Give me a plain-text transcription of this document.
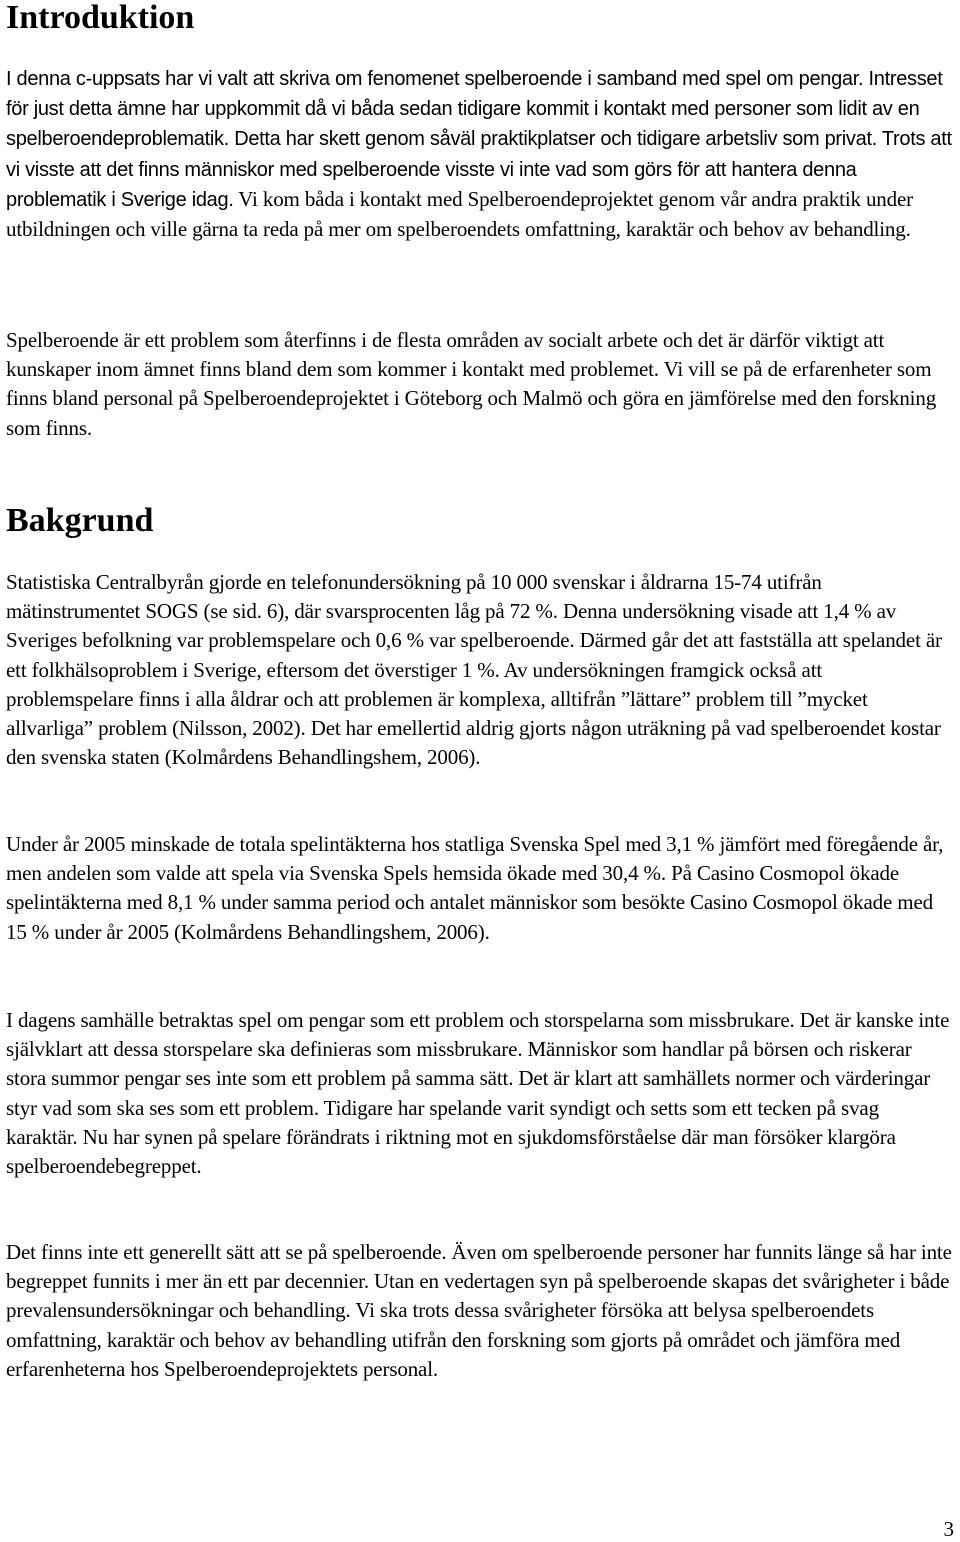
Introduktion

I denna c-uppsats har vi valt att skriva om fenomenet spelberoende i samband med spel om pengar. Intresset för just detta ämne har uppkommit då vi båda sedan tidigare kommit i kontakt med personer som lidit av en spelberoendeproblematik. Detta har skett genom såväl praktikplatser och tidigare arbetsliv som privat. Trots att vi visste att det finns människor med spelberoende visste vi inte vad som görs för att hantera denna problematik i Sverige idag. Vi kom båda i kontakt med Spelberoendeprojektet genom vår andra praktik under utbildningen och ville gärna ta reda på mer om spelberoendets omfattning, karaktär och behov av behandling.

Spelberoende är ett problem som återfinns i de flesta områden av socialt arbete och det är därför viktigt att kunskaper inom ämnet finns bland dem som kommer i kontakt med problemet. Vi vill se på de erfarenheter som finns bland personal på Spelberoendeprojektet i Göteborg och Malmö och göra en jämförelse med den forskning som finns.

Bakgrund

Statistiska Centralbyrån gjorde en telefonundersökning på 10 000 svenskar i åldrarna 15-74 utifrån mätinstrumentet SOGS (se sid. 6), där svarsprocenten låg på 72 %. Denna undersökning visade att 1,4 % av Sveriges befolkning var problemspelare och 0,6 % var spelberoende. Därmed går det att fastställa att spelandet är ett folkhälsoproblem i Sverige, eftersom det överstiger 1 %. Av undersökningen framgick också att problemspelare finns i alla åldrar och att problemen är komplexa, alltifrån ”lättare” problem till ”mycket allvarliga” problem (Nilsson, 2002). Det har emellertid aldrig gjorts någon uträkning på vad spelberoendet kostar den svenska staten (Kolmårdens Behandlingshem, 2006).

Under år 2005 minskade de totala spelintäkterna hos statliga Svenska Spel med 3,1 % jämfört med föregående år, men andelen som valde att spela via Svenska Spels hemsida ökade med 30,4 %. På Casino Cosmopol ökade spelintäkterna med 8,1 % under samma period och antalet människor som besökte Casino Cosmopol ökade med 15 % under år 2005 (Kolmårdens Behandlingshem, 2006).

I dagens samhälle betraktas spel om pengar som ett problem och storspelarna som missbrukare. Det är kanske inte självklart att dessa storspelare ska definieras som missbrukare. Människor som handlar på börsen och riskerar stora summor pengar ses inte som ett problem på samma sätt. Det är klart att samhällets normer och värderingar styr vad som ska ses som ett problem. Tidigare har spelande varit syndigt och setts som ett tecken på svag karaktär. Nu har synen på spelare förändrats i riktning mot en sjukdomsförståelse där man försöker klargöra spelberoendebegreppet.

Det finns inte ett generellt sätt att se på spelberoende. Även om spelberoende personer har funnits länge så har inte begreppet funnits i mer än ett par decennier. Utan en vedertagen syn på spelberoende skapas det svårigheter i både prevalensundersökningar och behandling. Vi ska trots dessa svårigheter försöka att belysa spelberoendets omfattning, karaktär och behov av behandling utifrån den forskning som gjorts på området och jämföra med erfarenheterna hos Spelberoendeprojektets personal.

3
